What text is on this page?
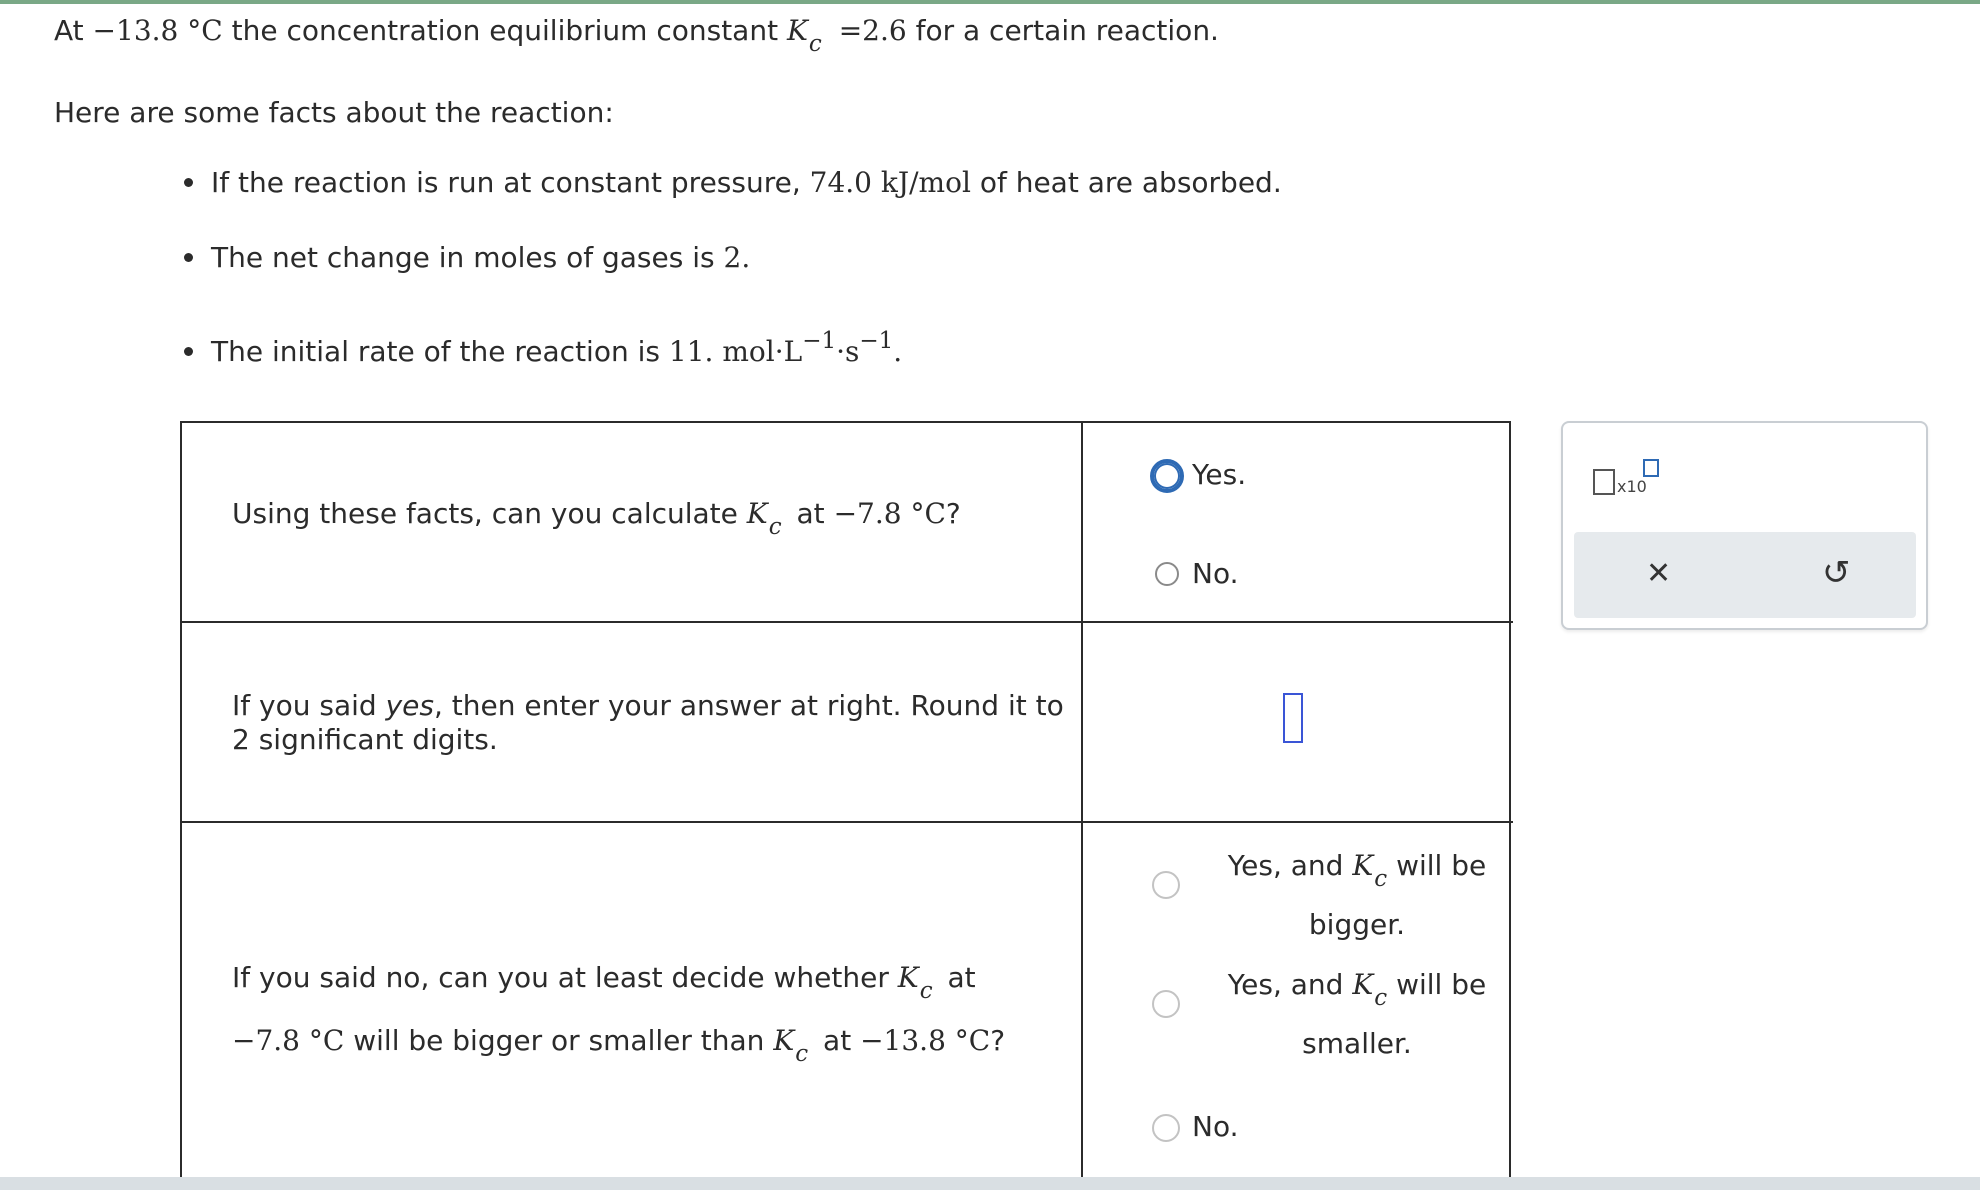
At −13.8 °C the concentration equilibrium constant $K_c =2.6$ for a certain reaction.
Here are some facts about the reaction:
If the reaction is run at constant pressure, 74.0 kJ/mol of heat are absorbed.
The net change in moles of gases is 2.
The initial rate of the reaction is 11. $mol\cdot L^{-1}\cdot s^{-1}$.
Using these facts, can you calculate $K_c$ at −7.8 °C?
Yes.
No.
If you said yes, then enter your answer at right. Round it to
2 significant digits.
If you said no, can you at least decide whether $K_c$ at
−7.8 °C will be bigger or smaller than $K_c$ at −13.8 °C?
Yes, and $K_c$ will be
bigger.
Yes, and $K_c$ will be
smaller.
No.
x10
✕	↺
